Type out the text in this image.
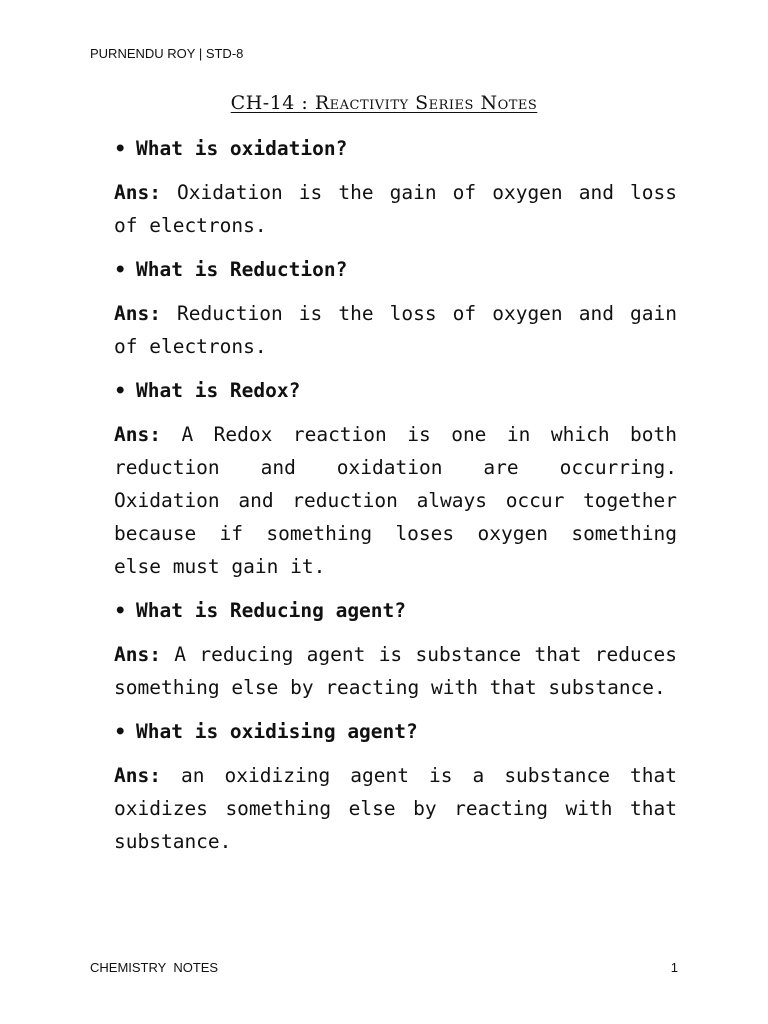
PURNENDU ROY | STD-8
CH-14 : Reactivity Series Notes

• What is oxidation?

Ans: Oxidation is the gain of oxygen and loss of electrons.

• What is Reduction?

Ans: Reduction is the loss of oxygen and gain of electrons.

• What is Redox?

Ans: A Redox reaction is one in which both reduction and oxidation are occurring. Oxidation and reduction always occur together because if something loses oxygen something else must gain it.

• What is Reducing agent?

Ans: A reducing agent is substance that reduces something else by reacting with that substance.

• What is oxidising agent?

Ans: an oxidizing agent is a substance that oxidizes something else by reacting with that substance.

CHEMISTRY  NOTES	1
